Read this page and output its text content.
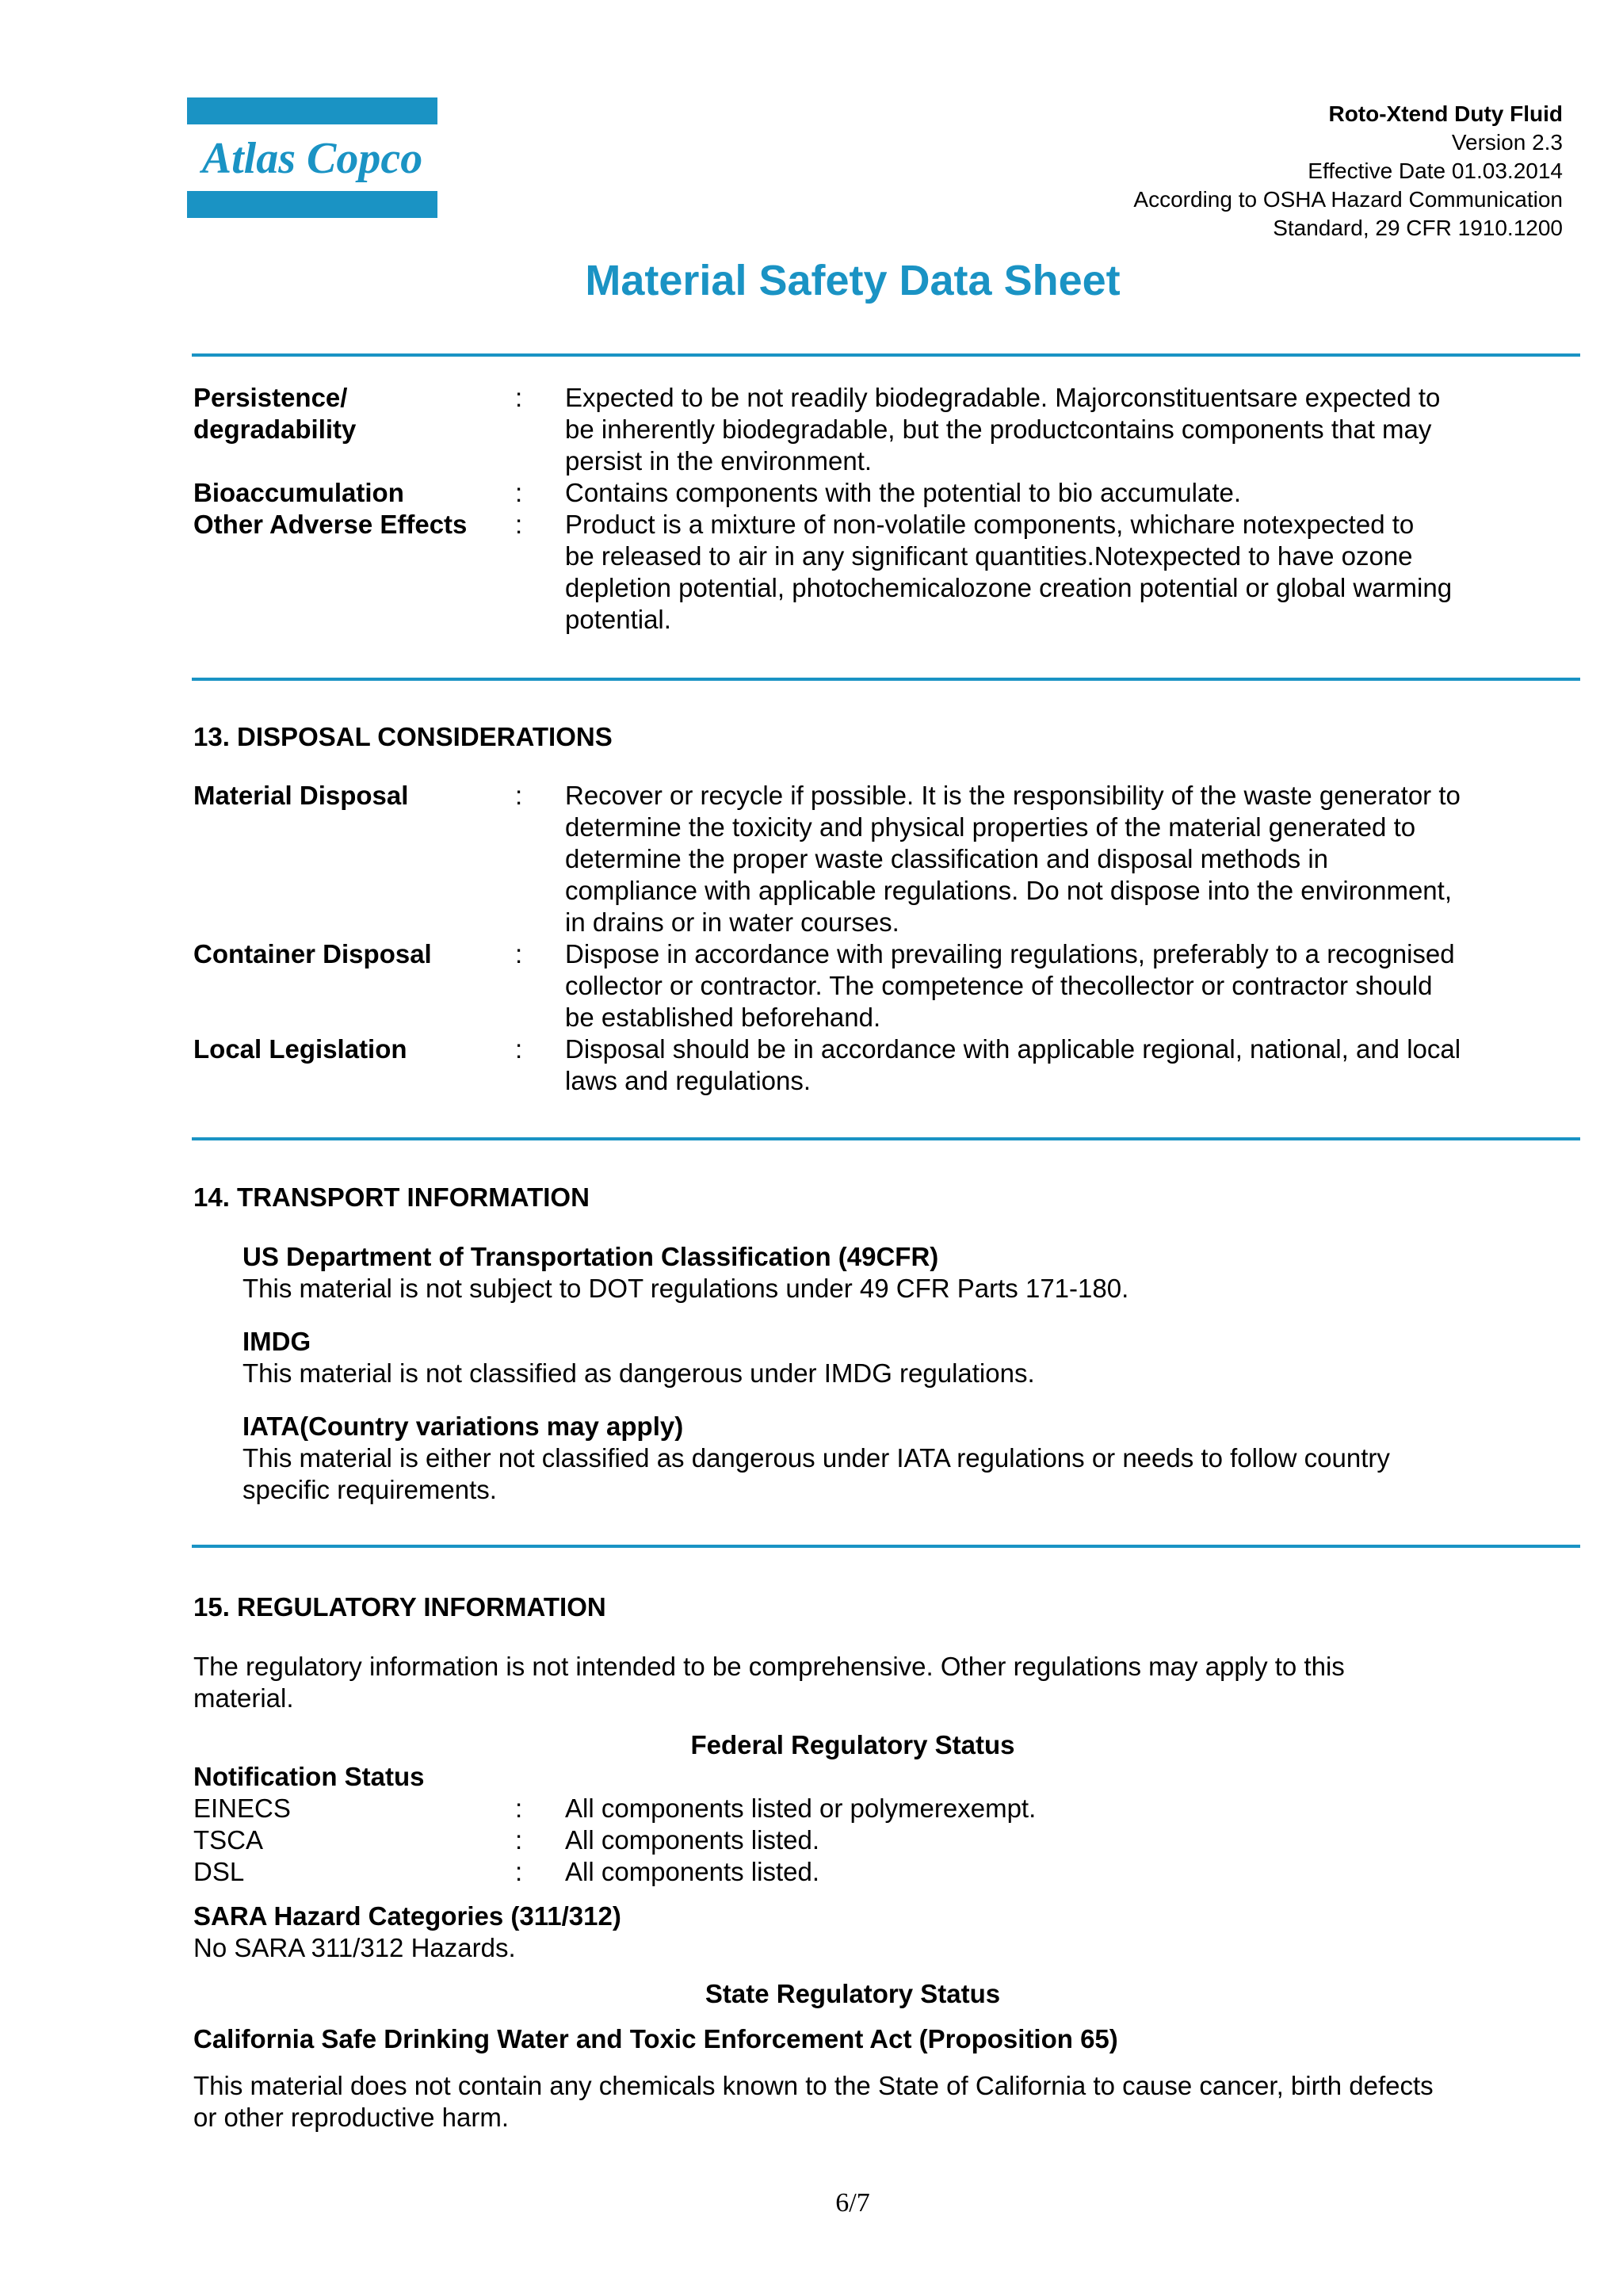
Atlas Copco
Roto-Xtend Duty Fluid
Version 2.3
Effective Date 01.03.2014
According to OSHA Hazard Communication
Standard, 29 CFR 1910.1200
Material Safety Data Sheet
Persistence/
degradability
: Expected to be not readily biodegradable. Majorconstituentsare expected to
be inherently biodegradable, but the productcontains components that may
persist in the environment.
Bioaccumulation	: Contains components with the potential to bio accumulate.
Other Adverse Effects : Product is a mixture of non-volatile components, whichare notexpected to
be released to air in any significant quantities.Notexpected to have ozone
depletion potential, photochemicalozone creation potential or global warming
potential.
13. DISPOSAL CONSIDERATIONS
Material Disposal	: Recover or recycle if possible. It is the responsibility of the waste generator to
determine the toxicity and physical properties of the material generated to
determine the proper waste classification and disposal methods in
compliance with applicable regulations. Do not dispose into the environment,
in drains or in water courses.
Container Disposal	: Dispose in accordance with prevailing regulations, preferably to a recognised
collector or contractor. The competence of thecollector or contractor should
be established beforehand.
Local Legislation	: Disposal should be in accordance with applicable regional, national, and local
laws and regulations.
14. TRANSPORT INFORMATION
US Department of Transportation Classification (49CFR)
This material is not subject to DOT regulations under 49 CFR Parts 171-180.
IMDG
This material is not classified as dangerous under IMDG regulations.
IATA(Country variations may apply)
This material is either not classified as dangerous under IATA regulations or needs to follow country
specific requirements.
15. REGULATORY INFORMATION
The regulatory information is not intended to be comprehensive. Other regulations may apply to this
material.
Federal Regulatory Status
Notification Status
EINECS	: All components listed or polymerexempt.
TSCA	: All components listed.
DSL	: All components listed.
SARA Hazard Categories (311/312)
No SARA 311/312 Hazards.
State Regulatory Status
California Safe Drinking Water and Toxic Enforcement Act (Proposition 65)
This material does not contain any chemicals known to the State of California to cause cancer, birth defects
or other reproductive harm.
6/7
